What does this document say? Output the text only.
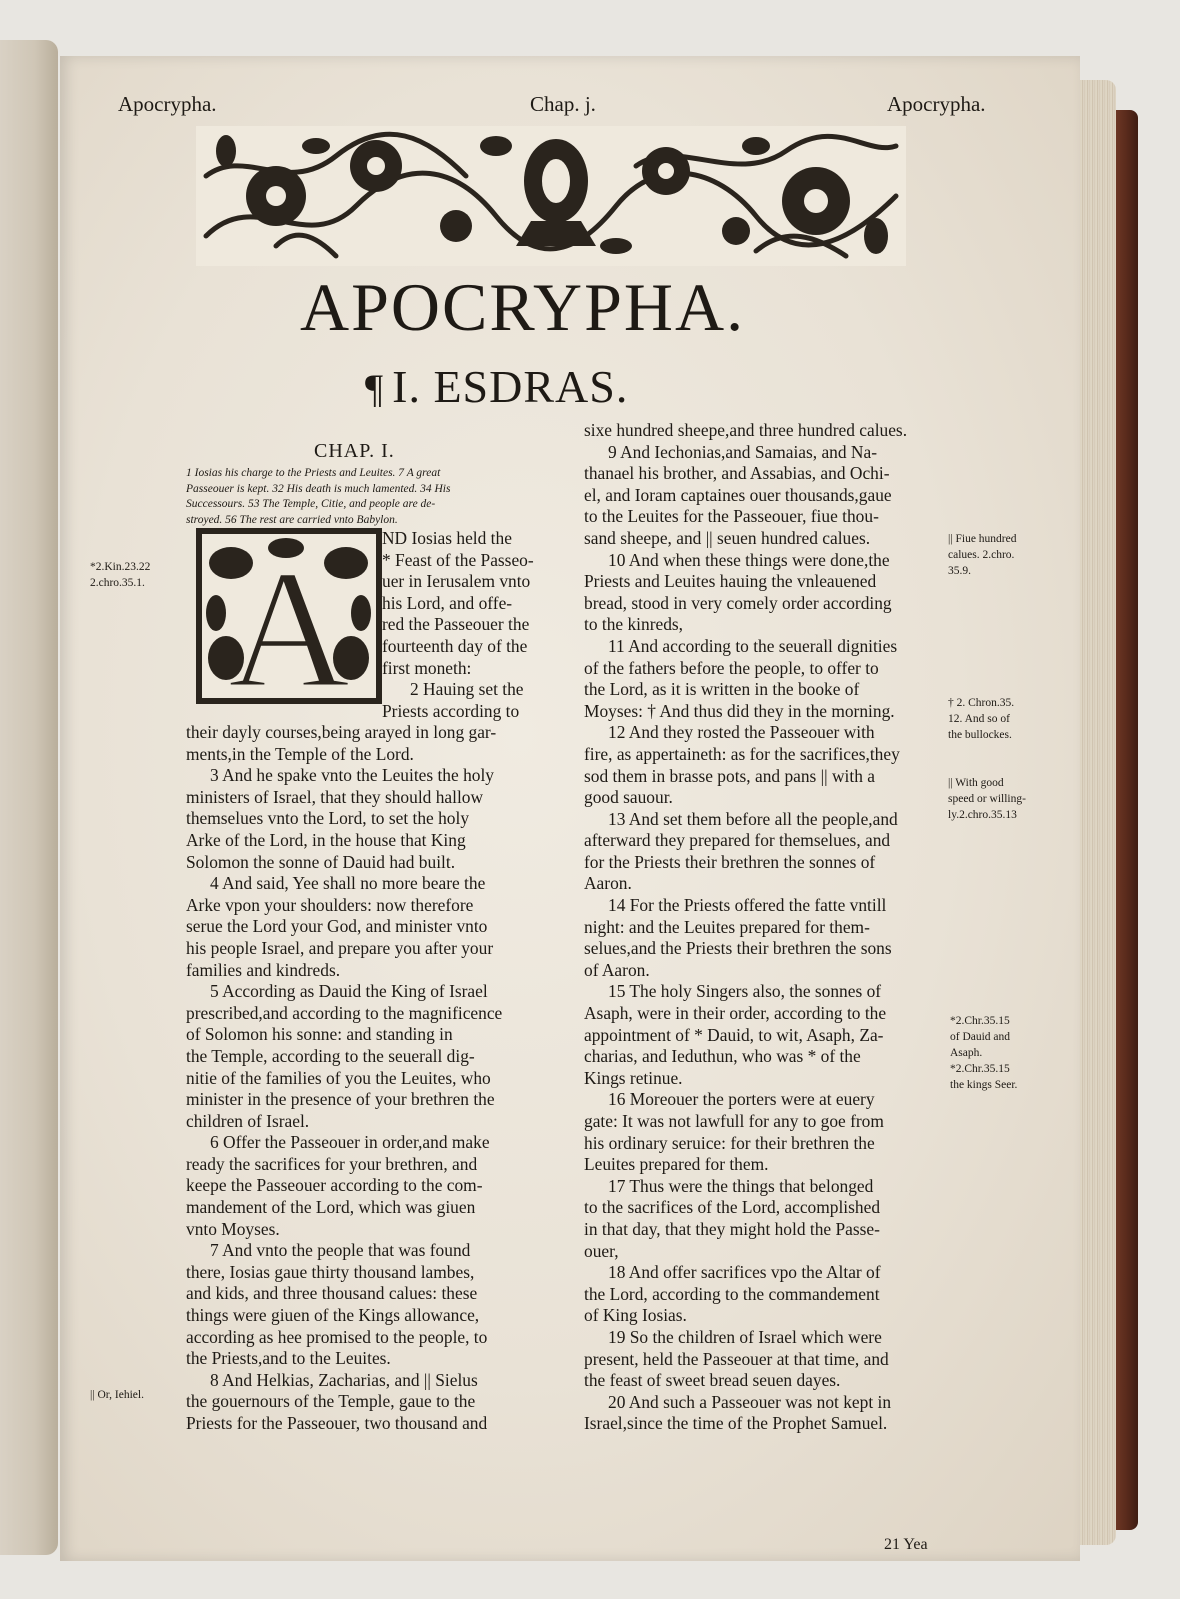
Apocrypha.	Chap. j.	Apocrypha.
APOCRYPHA.
¶ I. ESDRAS.
CHAP. I.
1 Iosias his charge to the Priests and Leuites. 7 A great
Passeouer is kept. 32 His death is much lamented. 34 His
Successours. 53 The Temple, Citie, and people are de-
stroyed. 56 The rest are carried vnto Babylon.
A ND Iosias held the
* Feast of the Passeo-
uer in Ierusalem vnto
his Lord, and offe-
red the Passeouer the
fourteenth day of the
first moneth:
2 Hauing set the
Priests according to
their dayly courses,being arayed in long gar-
ments,in the Temple of the Lord.
3 And he spake vnto the Leuites the holy
ministers of Israel, that they should hallow
themselues vnto the Lord, to set the holy
Arke of the Lord, in the house that King
Solomon the sonne of Dauid had built.
4 And said, Yee shall no more beare the
Arke vpon your shoulders: now therefore
serue the Lord your God, and minister vnto
his people Israel, and prepare you after your
families and kindreds.
5 According as Dauid the King of Israel
prescribed,and according to the magnificence
of Solomon his sonne: and standing in
the Temple, according to the seuerall dig-
nitie of the families of you the Leuites, who
minister in the presence of your brethren the
children of Israel.
6 Offer the Passeouer in order,and make
ready the sacrifices for your brethren, and
keepe the Passeouer according to the com-
mandement of the Lord, which was giuen
vnto Moyses.
7 And vnto the people that was found
there, Iosias gaue thirty thousand lambes,
and kids, and three thousand calues: these
things were giuen of the Kings allowance,
according as hee promised to the people, to
the Priests,and to the Leuites.
8 And Helkias, Zacharias, and || Sielus
the gouernours of the Temple, gaue to the
Priests for the Passeouer, two thousand and
sixe hundred sheepe,and three hundred calues.
9 And Iechonias,and Samaias, and Na-
thanael his brother, and Assabias, and Ochi-
el, and Ioram captaines ouer thousands,gaue
to the Leuites for the Passeouer, fiue thou-
sand sheepe, and || seuen hundred calues.
10 And when these things were done,the
Priests and Leuites hauing the vnleauened
bread, stood in very comely order according
to the kinreds,
11 And according to the seuerall dignities
of the fathers before the people, to offer to
the Lord, as it is written in the booke of
Moyses: † And thus did they in the morning.
12 And they rosted the Passeouer with
fire, as appertaineth: as for the sacrifices,they
sod them in brasse pots, and pans || with a
good sauour.
13 And set them before all the people,and
afterward they prepared for themselues, and
for the Priests their brethren the sonnes of
Aaron.
14 For the Priests offered the fatte vntill
night: and the Leuites prepared for them-
selues,and the Priests their brethren the sons
of Aaron.
15 The holy Singers also, the sonnes of
Asaph, were in their order, according to the
appointment of * Dauid, to wit, Asaph, Za-
charias, and Ieduthun, who was * of the
Kings retinue.
16 Moreouer the porters were at euery
gate: It was not lawfull for any to goe from
his ordinary seruice: for their brethren the
Leuites prepared for them.
17 Thus were the things that belonged
to the sacrifices of the Lord, accomplished
in that day, that they might hold the Passe-
ouer,
18 And offer sacrifices vpo the Altar of
the Lord, according to the commandement
of King Iosias.
19 So the children of Israel which were
present, held the Passeouer at that time, and
the feast of sweet bread seuen dayes.
20 And such a Passeouer was not kept in
Israel,since the time of the Prophet Samuel.
*2.Kin.23.22
2.chro.35.1.
|| Or, Iehiel.
|| Fiue hundred
calues. 2.chro.
35.9.
† 2. Chron.35.
12. And so of
the bullockes.
|| With good
speed or willing-
ly.2.chro.35.13
*2.Chr.35.15
of Dauid and
Asaph.
*2.Chr.35.15
the kings Seer.
21 Yea
